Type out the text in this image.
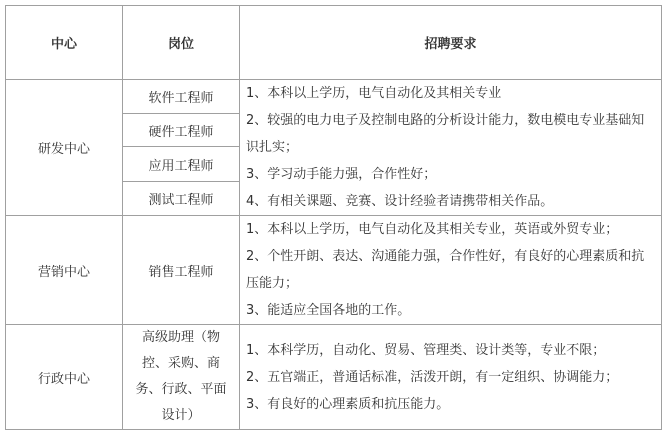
中心	岗位	招聘要求
研发中心	软件工程师	1、本科以上学历，电气自动化及其相关专业
2、较强的电力电子及控制电路的分析设计能力，数电模电专业基础知识扎实；
3、学习动手能力强，合作性好；
4、有相关课题、竞赛、设计经验者请携带相关作品。

	硬件工程师	
	应用工程师	
	测试工程师	
营销中心	销售工程师	1、本科以上学历，电气自动化及其相关专业，英语或外贸专业；
2、个性开朗、表达、沟通能力强，合作性好，有良好的心理素质和抗压能力；
3、能适应全国各地的工作。

行政中心	高级助理（物控、采购、商务、行政、平面设计）	1、本科学历，自动化、贸易、管理类、设计类等，专业不限；
2、五官端正，普通话标准，活泼开朗，有一定组织、协调能力；
3、有良好的心理素质和抗压能力。
